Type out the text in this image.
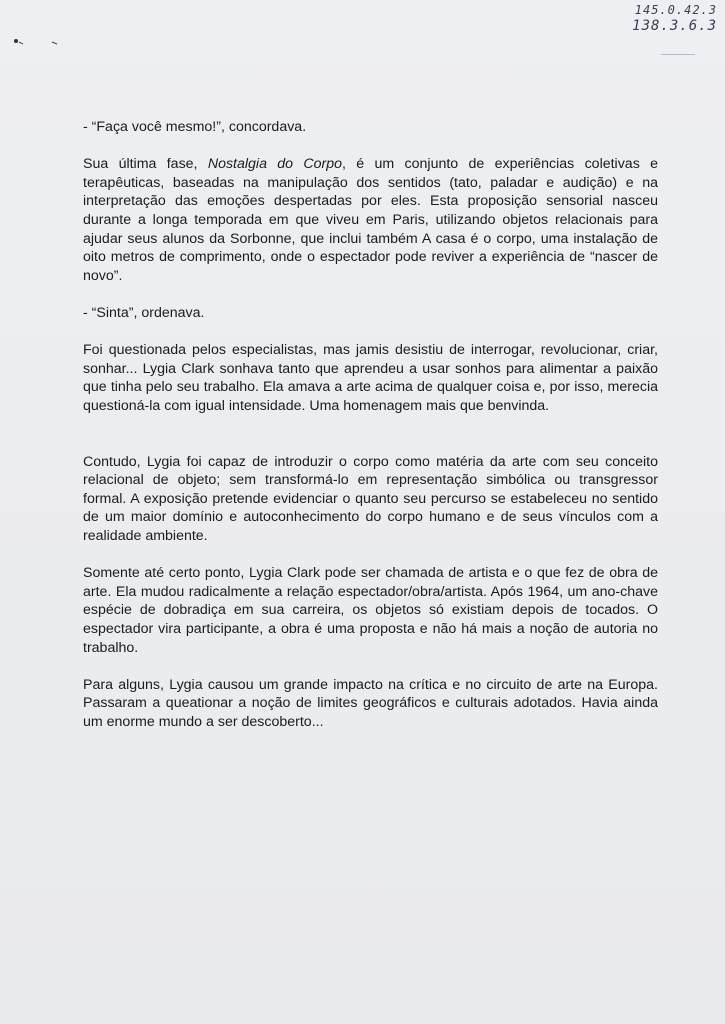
145.0.42.3
138.3.6.3

- “Faça você mesmo!”, concordava.

Sua última fase, Nostalgia do Corpo, é um conjunto de experiências coletivas e terapêuticas, baseadas na manipulação dos sentidos (tato, paladar e audição) e na interpretação das emoções despertadas por eles. Esta proposição sensorial nasceu durante a longa temporada em que viveu em Paris, utilizando objetos relacionais para ajudar seus alunos da Sorbonne, que inclui também A casa é o corpo, uma instalação de oito metros de comprimento, onde o espectador pode reviver a experiência de “nascer de novo”.

- “Sinta”, ordenava.

Foi questionada pelos especialistas, mas jamis desistiu de interrogar, revolucionar, criar, sonhar... Lygia Clark sonhava tanto que aprendeu a usar sonhos para alimentar a paixão que tinha pelo seu trabalho. Ela amava a arte acima de qualquer coisa e, por isso, merecia questioná-la com igual intensidade. Uma homenagem mais que benvinda.

Contudo, Lygia foi capaz de introduzir o corpo como matéria da arte com seu conceito relacional de objeto; sem transformá-lo em representação simbólica ou transgressor formal. A exposição pretende evidenciar o quanto seu percurso se estabeleceu no sentido de um maior domínio e autoconhecimento do corpo humano e de seus vínculos com a realidade ambiente.

Somente até certo ponto, Lygia Clark pode ser chamada de artista e o que fez de obra de arte. Ela mudou radicalmente a relação espectador/obra/artista. Após 1964, um ano-chave espécie de dobradiça em sua carreira, os objetos só existiam depois de tocados. O espectador vira participante, a obra é uma proposta e não há mais a noção de autoria no trabalho.

Para alguns, Lygia causou um grande impacto na crítica e no circuito de arte na Europa. Passaram a queationar a noção de limites geográficos e culturais adotados. Havia ainda um enorme mundo a ser descoberto...
